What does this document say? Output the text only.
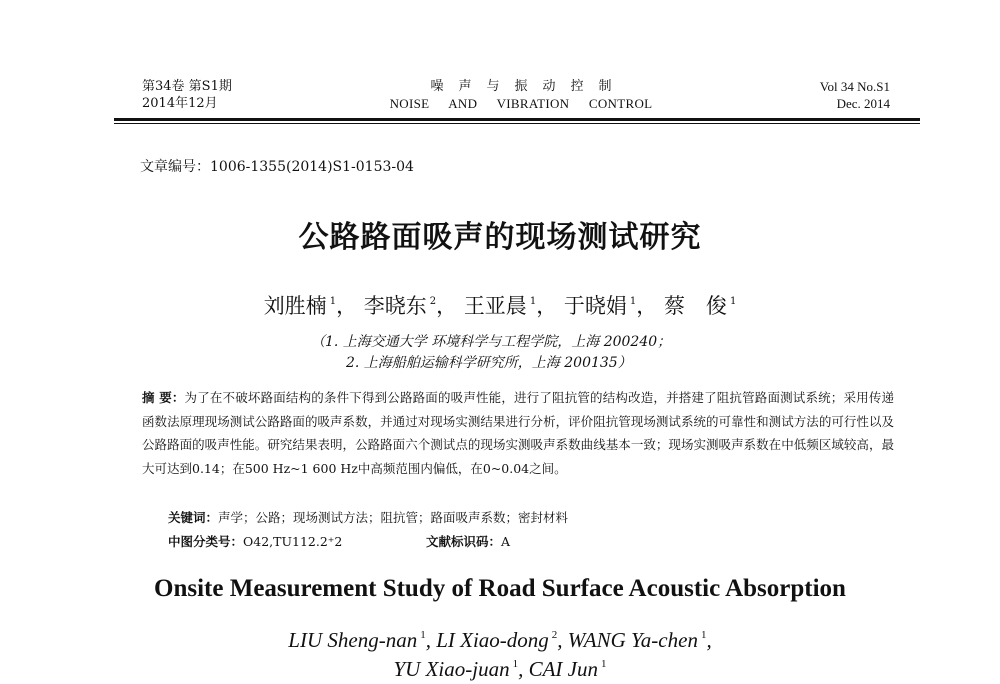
第34卷 第S1期
2014年12月
噪声与振动控制
NOISE AND VIBRATION CONTROL
Vol 34 No.S1
Dec. 2014
文章编号：1006-1355(2014)S1-0153-04
公路路面吸声的现场测试研究
刘胜楠 $^1$， 李晓东 $^2$， 王亚晨 $^1$， 于晓娟 $^1$， 蔡　俊 $^1$
（1. 上海交通大学 环境科学与工程学院，上海 200240；
2. 上海船舶运输科学研究所，上海 200135）
摘 要：为了在不破坏路面结构的条件下得到公路路面的吸声性能，进行了阻抗管的结构改造，并搭建了阻抗管路面测试系统；采用传递函数法原理现场测试公路路面的吸声系数，并通过对现场实测结果进行分析，评价阻抗管现场测试系统的可靠性和测试方法的可行性以及公路路面的吸声性能。研究结果表明，公路路面六个测试点的现场实测吸声系数曲线基本一致；现场实测吸声系数在中低频区域较高，最大可达到0.14；在500 Hz~1 600 Hz中高频范围内偏低，在0~0.04之间。
关键词：声学；公路；现场测试方法；阻抗管；路面吸声系数；密封材料
中图分类号：O42,TU112.2⁺2	文献标识码：A
Onsite Measurement Study of Road Surface Acoustic Absorption
LIU Sheng-nan $^1$, LI Xiao-dong $^2$, WANG Ya-chen $^1$,
YU Xiao-juan $^1$, CAI Jun $^1$
